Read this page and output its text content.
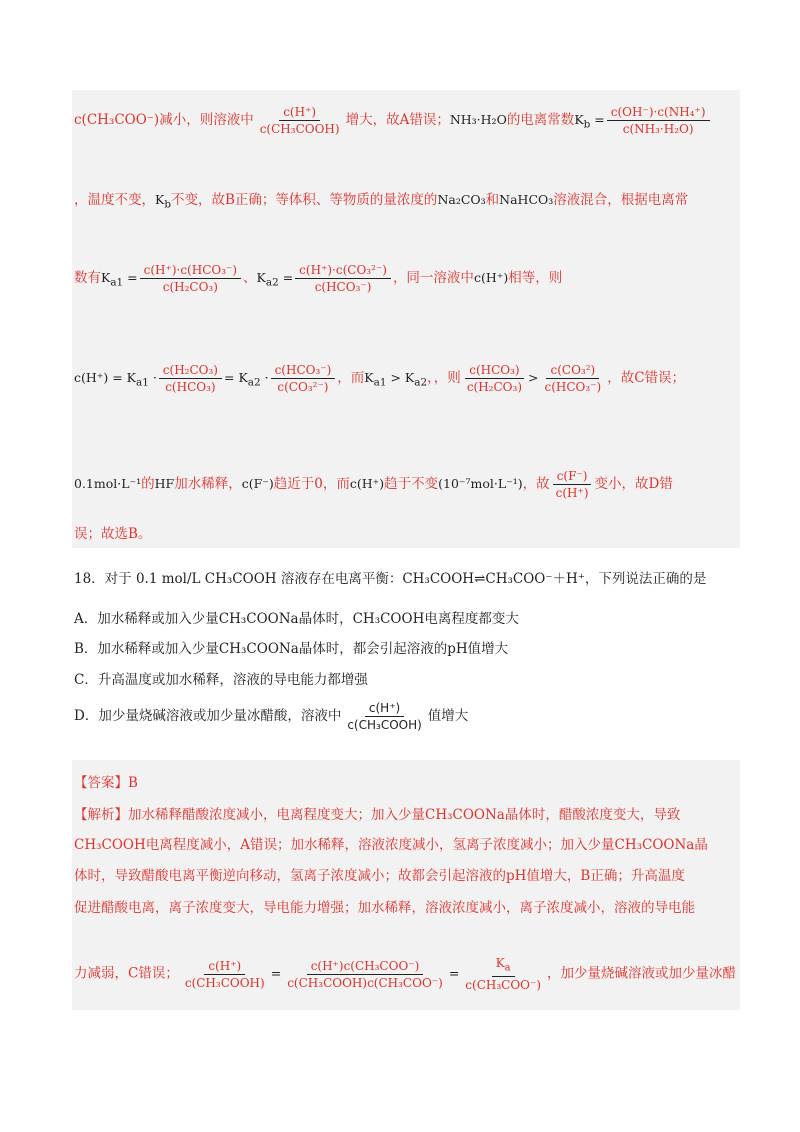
c(CH₃COO⁻)减小，则溶液中	c(H⁺)
c(CH₃COOH)
增大，故A错误；NH₃·H₂O的电离常数$K_b = \frac{\text{c(OH⁻)·c(NH₄⁺)}}{\text{c(NH₃·H₂O)}}$
，温度不变，$K_b$不变，故B正确；等体积、等物质的量浓度的Na₂CO₃和NaHCO₃溶液混合，根据电离常
数有$K_{a1} = c(H^+)\cdot c(HCO_3^-)$
c(H₂CO₃)
、$K_{a2} = c(H^+)\cdot c(CO_3^{2-})$
c(HCO₃⁻)
，同一溶液中c(H⁺)相等，则
$c(H^+) = K_{a1} \cdot c(H_2CO_3)$
c(HCO₃)
= $K_{a2} \cdot c(HCO_3^-)$
c(CO₃²⁻)
，而$K_{a1} > K_{a2}$，，则 c(HCO₃)
c(H₂CO₃)
> c(CO₃²)
c(HCO₃⁻)
，故C错误；
0.1mol·L⁻¹的HF加水稀释，c(F⁻)趋近于0，而c(H⁺)趋于不变(10⁻⁷mol·L⁻¹)，故 $\frac{c(F^-)}{c(H^+)}$ 变小，故D错
误；故选B。
18．对于 0.1 mol/L CH₃COOH 溶液存在电离平衡：CH₃COOH⇌CH₃COO⁻＋H⁺，下列说法正确的是
A．加水稀释或加入少量CH₃COONa晶体时，CH₃COOH电离程度都变大
B．加水稀释或加入少量CH₃COONa晶体时，都会引起溶液的pH值增大
C．升高温度或加水稀释，溶液的导电能力都增强
D．加少量烧碱溶液或加少量冰醋酸，溶液中	c(H⁺)
c(CH₃COOH)
值增大
【答案】B
【解析】加水稀释醋酸浓度减小，电离程度变大；加入少量CH₃COONa晶体时，醋酸浓度变大，导致
CH₃COOH电离程度减小，A错误；加水稀释，溶液浓度减小，氢离子浓度减小；加入少量CH₃COONa晶
体时，导致醋酸电离平衡逆向移动，氢离子浓度减小；故都会引起溶液的pH值增大，B正确；升高温度
促进醋酸电离，离子浓度变大，导电能力增强；加水稀释，溶液浓度减小，离子浓度减小，溶液的导电能
力减弱，C错误；	c(H⁺)
c(CH₃COOH)
=	c(H⁺)c(CH₃COO⁻)
c(CH₃COOH)c(CH₃COO⁻)
=
$K_a$
c(CH₃COO⁻)
，加少量烧碱溶液或加少量冰醋
